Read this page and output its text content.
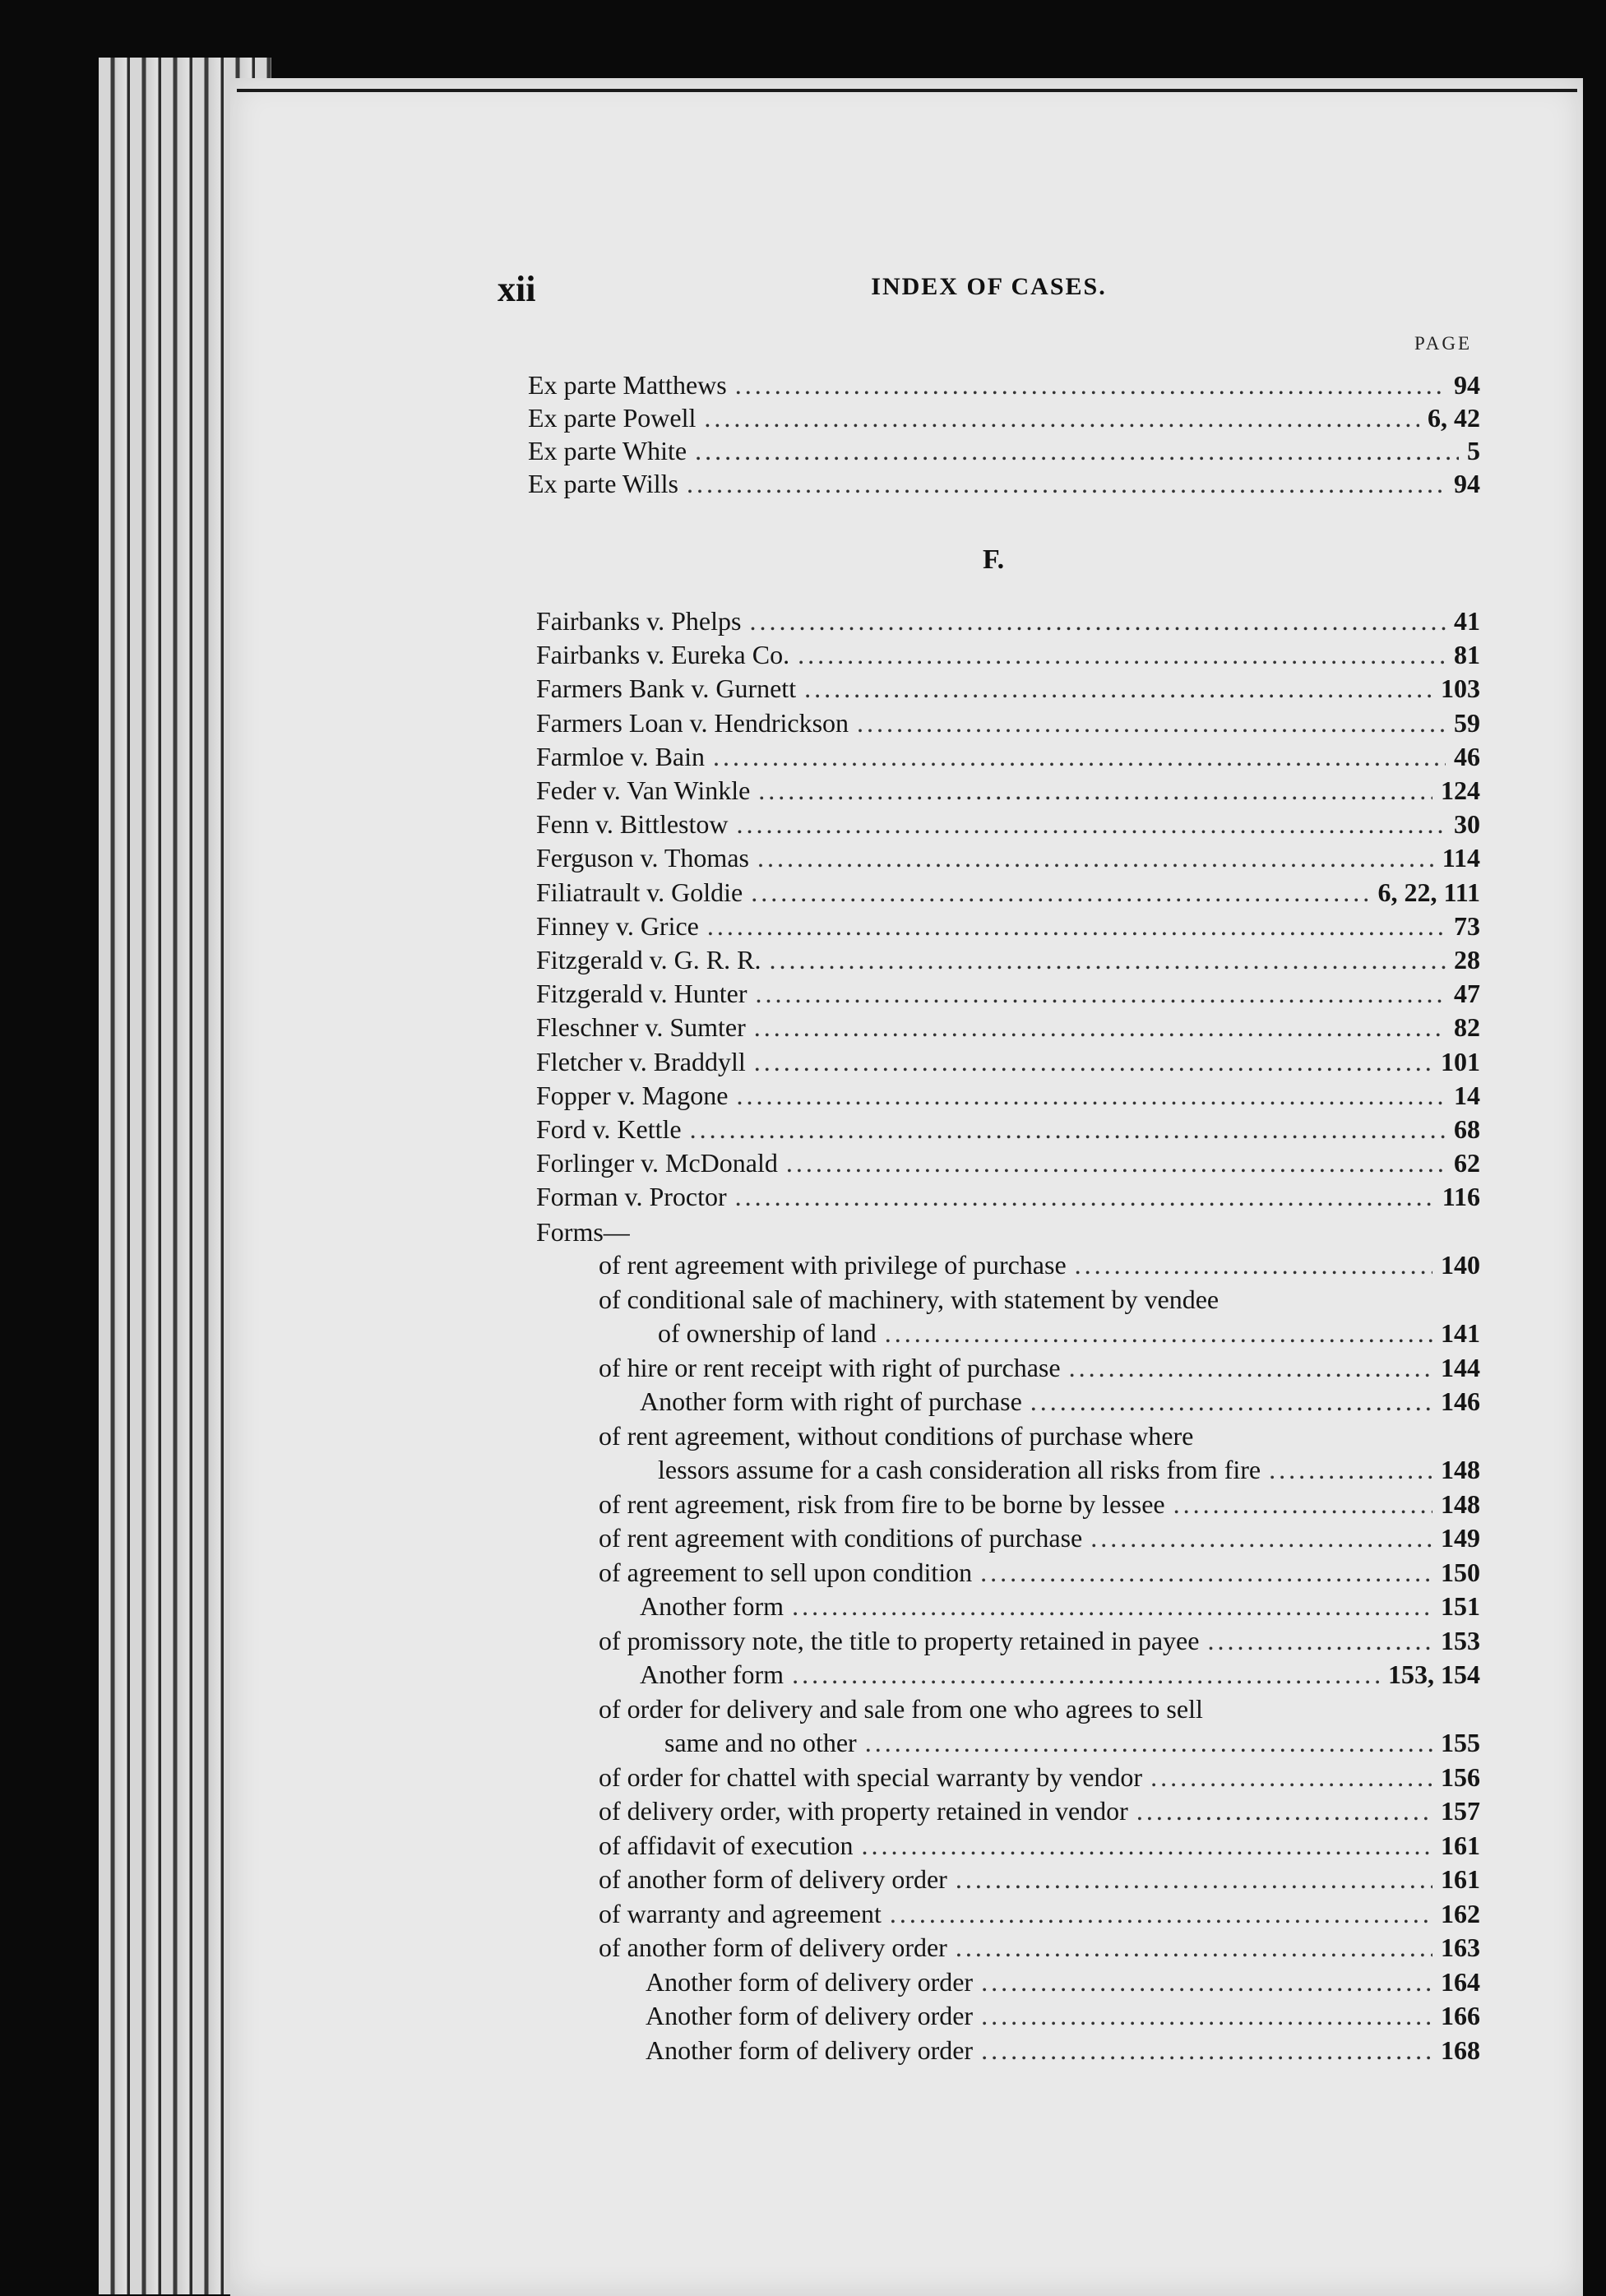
xii	INDEX OF CASES.
PAGE
F.
Ex parte Matthews .....	94
Ex parte Powell .....	6, 42
Ex parte White .....	5
Ex parte Wills .....	94
Fairbanks v. Phelps .....	41
Fairbanks v. Eureka Co. .....	81
Farmers Bank v. Gurnett .....	103
Farmers Loan v. Hendrickson .....	59
Farmloe v. Bain .....	46
Feder v. Van Winkle .....	124
Fenn v. Bittlestow .....	30
Ferguson v. Thomas .....	114
Filiatrault v. Goldie .....	6, 22, 111
Finney v. Grice .....	73
Fitzgerald v. G. R. R. .....	28
Fitzgerald v. Hunter .....	47
Fleschner v. Sumter .....	82
Fletcher v. Braddyll .....	101
Fopper v. Magone .....	14
Ford v. Kettle .....	68
Forlinger v. McDonald .....	62
Forman v. Proctor .....	116
Forms—
of rent agreement with privilege of purchase .....	140
of conditional sale of machinery, with statement by vendee
of ownership of land .....	141
of hire or rent receipt with right of purchase .....	144
Another form with right of purchase .....	146
of rent agreement, without conditions of purchase where
lessors assume for a cash consideration all risks from fire .....	148
of rent agreement, risk from fire to be borne by lessee .....	148
of rent agreement with conditions of purchase .....	149
of agreement to sell upon condition .....	150
Another form .....	151
of promissory note, the title to property retained in payee .....	153
Another form .....	153, 154
of order for delivery and sale from one who agrees to sell
same and no other .....	155
of order for chattel with special warranty by vendor .....	156
of delivery order, with property retained in vendor .....	157
of affidavit of execution .....	161
of another form of delivery order .....	161
of warranty and agreement .....	162
of another form of delivery order .....	163
Another form of delivery order .....	164
Another form of delivery order .....	166
Another form of delivery order .....	168
